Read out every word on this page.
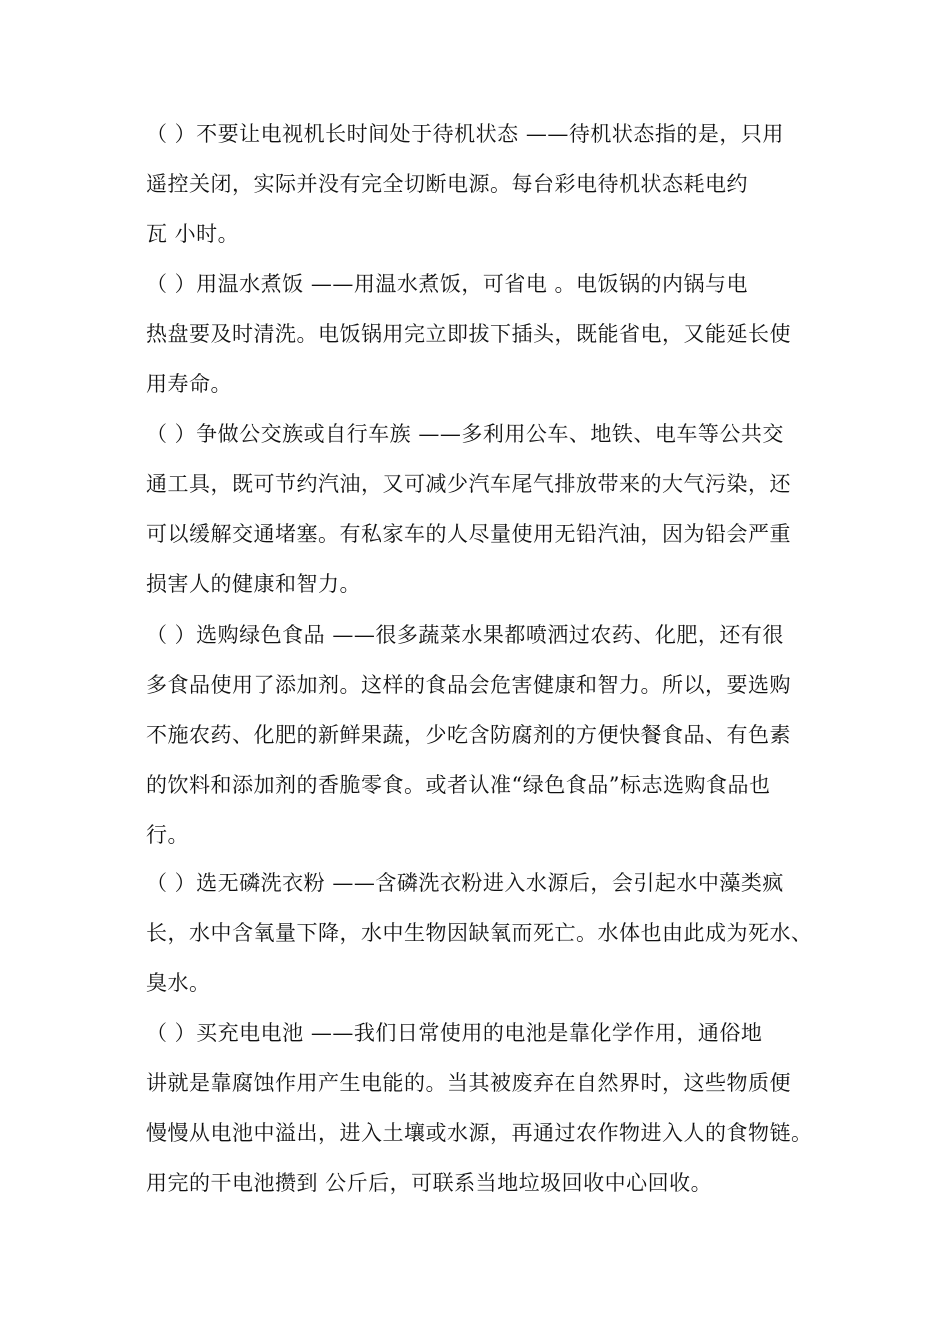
（ ）不要让电视机长时间处于待机状态 ——待机状态指的是，只用
遥控关闭，实际并没有完全切断电源。每台彩电待机状态耗电约
瓦 小时。

（ ）用温水煮饭 ——用温水煮饭，可省电 。电饭锅的内锅与电
热盘要及时清洗。电饭锅用完立即拔下插头，既能省电，又能延长使
用寿命。

（ ）争做公交族或自行车族 ——多利用公车、地铁、电车等公共交
通工具，既可节约汽油，又可减少汽车尾气排放带来的大气污染，还
可以缓解交通堵塞。有私家车的人尽量使用无铅汽油，因为铅会严重
损害人的健康和智力。

（ ）选购绿色食品 ——很多蔬菜水果都喷洒过农药、化肥，还有很
多食品使用了添加剂。这样的食品会危害健康和智力。所以，要选购
不施农药、化肥的新鲜果蔬，少吃含防腐剂的方便快餐食品、有色素
的饮料和添加剂的香脆零食。或者认准“绿色食品”标志选购食品也
行。

（ ）选无磷洗衣粉 ——含磷洗衣粉进入水源后，会引起水中藻类疯
长，水中含氧量下降，水中生物因缺氧而死亡。水体也由此成为死水、
臭水。

（ ）买充电电池 ——我们日常使用的电池是靠化学作用，通俗地
讲就是靠腐蚀作用产生电能的。当其被废弃在自然界时，这些物质便
慢慢从电池中溢出，进入土壤或水源，再通过农作物进入人的食物链。
用完的干电池攒到 公斤后，可联系当地垃圾回收中心回收。
